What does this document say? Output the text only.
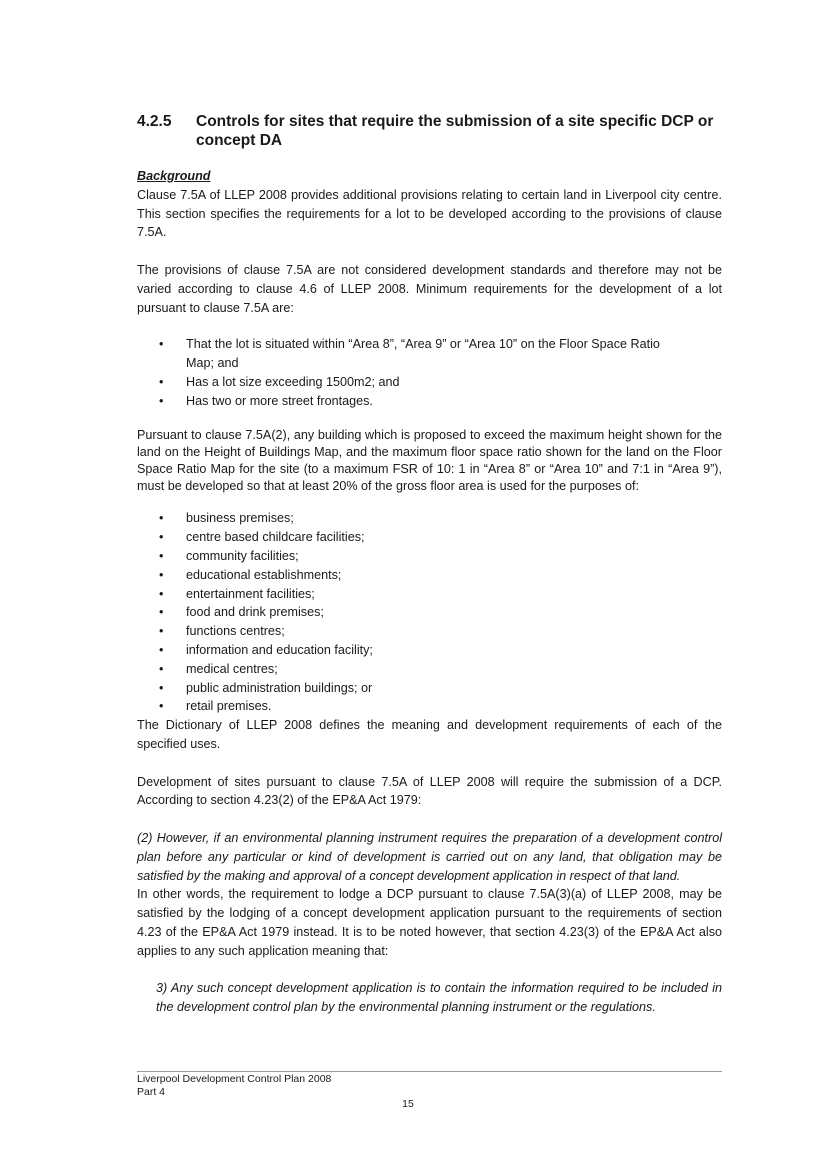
4.2.5 Controls for sites that require the submission of a site specific DCP or concept DA
Background

Clause 7.5A of LLEP 2008 provides additional provisions relating to certain land in Liverpool city centre. This section specifies the requirements for a lot to be developed according to the provisions of clause 7.5A.

The provisions of clause 7.5A are not considered development standards and therefore may not be varied according to clause 4.6 of LLEP 2008. Minimum requirements for the development of a lot pursuant to clause 7.5A are:

• That the lot is situated within “Area 8”, “Area 9” or “Area 10” on the Floor Space Ratio Map; and
• Has a lot size exceeding 1500m2; and
• Has two or more street frontages.

Pursuant to clause 7.5A(2), any building which is proposed to exceed the maximum height shown for the land on the Height of Buildings Map, and the maximum floor space ratio shown for the land on the Floor Space Ratio Map for the site (to a maximum FSR of 10: 1 in “Area 8” or “Area 10” and 7:1 in “Area 9”), must be developed so that at least 20% of the gross floor area is used for the purposes of:

• business premises;
• centre based childcare facilities;
• community facilities;
• educational establishments;
• entertainment facilities;
• food and drink premises;
• functions centres;
• information and education facility;
• medical centres;
• public administration buildings; or
• retail premises.

The Dictionary of LLEP 2008 defines the meaning and development requirements of each of the specified uses.

Development of sites pursuant to clause 7.5A of LLEP 2008 will require the submission of a DCP. According to section 4.23(2) of the EP&A Act 1979:

(2) However, if an environmental planning instrument requires the preparation of a development control plan before any particular or kind of development is carried out on any land, that obligation may be satisfied by the making and approval of a concept development application in respect of that land.

In other words, the requirement to lodge a DCP pursuant to clause 7.5A(3)(a) of LLEP 2008, may be satisfied by the lodging of a concept development application pursuant to the requirements of section 4.23 of the EP&A Act 1979 instead. It is to be noted however, that section 4.23(3) of the EP&A Act also applies to any such application meaning that:

3) Any such concept development application is to contain the information required to be included in the development control plan by the environmental planning instrument or the regulations.

Liverpool Development Control Plan 2008
Part 4
15
